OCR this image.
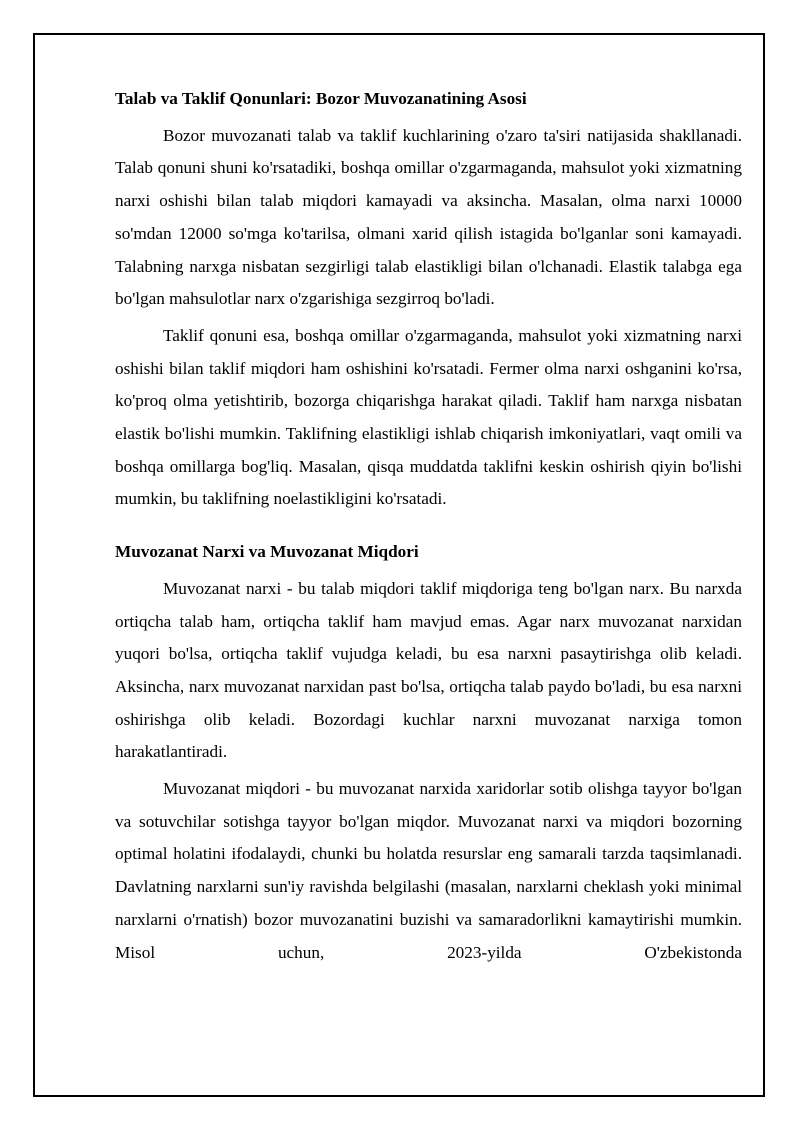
Talab va Taklif Qonunlari: Bozor Muvozanatining Asosi

Bozor muvozanati talab va taklif kuchlarining o'zaro ta'siri natijasida shakllanadi. Talab qonuni shuni ko'rsatadiki, boshqa omillar o'zgarmaganda, mahsulot yoki xizmatning narxi oshishi bilan talab miqdori kamayadi va aksincha. Masalan, olma narxi 10000 so'mdan 12000 so'mga ko'tarilsa, olmani xarid qilish istagida bo'lganlar soni kamayadi. Talabning narxga nisbatan sezgirligi talab elastikligi bilan o'lchanadi. Elastik talabga ega bo'lgan mahsulotlar narx o'zgarishiga sezgirroq bo'ladi.

Taklif qonuni esa, boshqa omillar o'zgarmaganda, mahsulot yoki xizmatning narxi oshishi bilan taklif miqdori ham oshishini ko'rsatadi. Fermer olma narxi oshganini ko'rsa, ko'proq olma yetishtirib, bozorga chiqarishga harakat qiladi. Taklif ham narxga nisbatan elastik bo'lishi mumkin. Taklifning elastikligi ishlab chiqarish imkoniyatlari, vaqt omili va boshqa omillarga bog'liq. Masalan, qisqa muddatda taklifni keskin oshirish qiyin bo'lishi mumkin, bu taklifning noelastikligini ko'rsatadi.

Muvozanat Narxi va Muvozanat Miqdori

Muvozanat narxi - bu talab miqdori taklif miqdoriga teng bo'lgan narx. Bu narxda ortiqcha talab ham, ortiqcha taklif ham mavjud emas. Agar narx muvozanat narxidan yuqori bo'lsa, ortiqcha taklif vujudga keladi, bu esa narxni pasaytirishga olib keladi. Aksincha, narx muvozanat narxidan past bo'lsa, ortiqcha talab paydo bo'ladi, bu esa narxni oshirishga olib keladi. Bozordagi kuchlar narxni muvozanat narxiga tomon harakatlantiradi.

Muvozanat miqdori - bu muvozanat narxida xaridorlar sotib olishga tayyor bo'lgan va sotuvchilar sotishga tayyor bo'lgan miqdor. Muvozanat narxi va miqdori bozorning optimal holatini ifodalaydi, chunki bu holatda resurslar eng samarali tarzda taqsimlanadi. Davlatning narxlarni sun'iy ravishda belgilashi (masalan, narxlarni cheklash yoki minimal narxlarni o'rnatish) bozor muvozanatini buzishi va samaradorlikni kamaytirishi mumkin. Misol uchun, 2023-yilda O'zbekistonda
